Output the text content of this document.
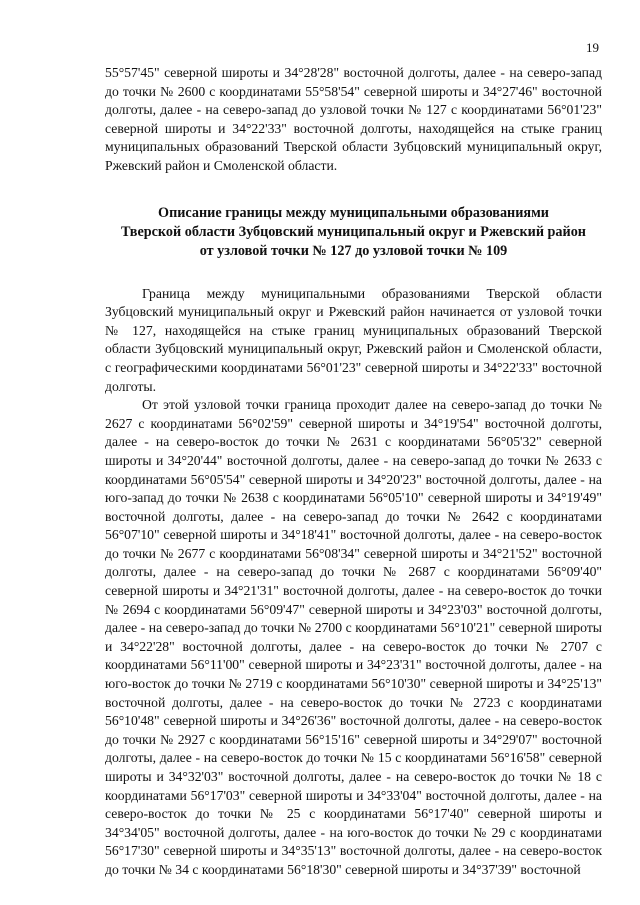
19

55°57'45" северной широты и 34°28'28" восточной долготы, далее - на северо-запад до точки № 2600 с координатами 55°58'54" северной широты и 34°27'46" восточной долготы, далее - на северо-запад до узловой точки № 127 с координатами 56°01'23" северной широты и 34°22'33" восточной долготы, находящейся на стыке границ муниципальных образований Тверской области Зубцовский муниципальный округ, Ржевский район и Смоленской области.

Описание границы между муниципальными образованиями
Тверской области Зубцовский муниципальный округ и Ржевский район
от узловой точки № 127 до узловой точки № 109

Граница между муниципальными образованиями Тверской области Зубцовский муниципальный округ и Ржевский район начинается от узловой точки № 127, находящейся на стыке границ муниципальных образований Тверской области Зубцовский муниципальный округ, Ржевский район и Смоленской области, с географическими координатами 56°01'23" северной широты и 34°22'33" восточной долготы.

От этой узловой точки граница проходит далее на северо-запад до точки № 2627 с координатами 56°02'59" северной широты и 34°19'54" восточной долготы, далее - на северо-восток до точки № 2631 с координатами 56°05'32" северной широты и 34°20'44" восточной долготы, далее - на северо-запад до точки № 2633 с координатами 56°05'54" северной широты и 34°20'23" восточной долготы, далее - на юго-запад до точки № 2638 с координатами 56°05'10" северной широты и 34°19'49" восточной долготы, далее - на северо-запад до точки № 2642 с координатами 56°07'10" северной широты и 34°18'41" восточной долготы, далее - на северо-восток до точки № 2677 с координатами 56°08'34" северной широты и 34°21'52" восточной долготы, далее - на северо-запад до точки № 2687 с координатами 56°09'40" северной широты и 34°21'31" восточной долготы, далее - на северо-восток до точки № 2694 с координатами 56°09'47" северной широты и 34°23'03" восточной долготы, далее - на северо-запад до точки № 2700 с координатами 56°10'21" северной широты и 34°22'28" восточной долготы, далее - на северо-восток до точки № 2707 с координатами 56°11'00" северной широты и 34°23'31" восточной долготы, далее - на юго-восток до точки № 2719 с координатами 56°10'30" северной широты и 34°25'13" восточной долготы, далее - на северо-восток до точки № 2723 с координатами 56°10'48" северной широты и 34°26'36" восточной долготы, далее - на северо-восток до точки № 2927 с координатами 56°15'16" северной широты и 34°29'07" восточной долготы, далее - на северо-восток до точки № 15 с координатами 56°16'58" северной широты и 34°32'03" восточной долготы, далее - на северо-восток до точки № 18 с координатами 56°17'03" северной широты и 34°33'04" восточной долготы, далее - на северо-восток до точки № 25 с координатами 56°17'40" северной широты и 34°34'05" восточной долготы, далее - на юго-восток до точки № 29 с координатами 56°17'30" северной широты и 34°35'13" восточной долготы, далее - на северо-восток до точки № 34 с координатами 56°18'30" северной широты и 34°37'39" восточной
